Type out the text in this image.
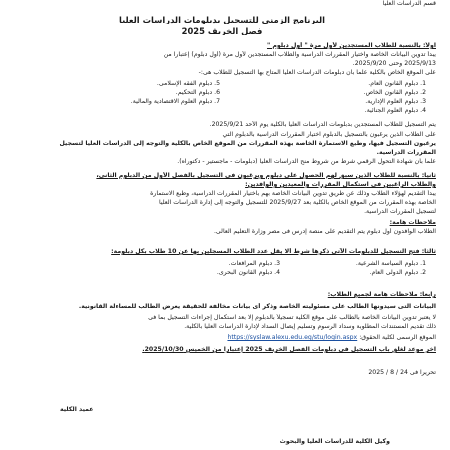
قسم الدراسات العليا
البرنامج الزمنى للتسجيل بدبلومات الدراسات العليا
فصل الخريف 2025
اولاً: بالنسبة للطلاب المستجدين لأول مرة " أول دبلوم "
يبدأ تدوين البيانات الخاصة واختيار المقررات الدراسية والطلاب المستجدين لأول مرة (أول دبلوم) إعتباراً من
2025/9/13 وحتى 2025/9/20.
على الموقع الخاص بالكلية علماً بأن دبلومات الدراسات العليا المتاح بها التسجيل للطلاب هى:-
1. دبلوم القانون العام.
2. دبلوم القانون الخاص.
3. دبلوم العلوم الإدارية.
4. دبلوم العلوم الجنائية.
5. دبلوم الفقه الإسلامى.
6. دبلوم التحكيم.
7. دبلوم العلوم الاقتصادية والمالية.
يتم التسجيل للطلاب المستجدين بدبلومات الدراسات العليا بالكلية يوم الأحد 2025/9/21.
على الطلاب الذين يرغبون بالتسجيل بالدبلوم اختيار المقررات الدراسية بالدبلوم التي
يرغبون التسجيل فيها، وطبع الاستمارة الخاصة بهذه المقررات من الموقع الخاص بالكلية والتوجه إلى الدراسات العليا لتسجيل
المقررات الدراسية.
علماً بأن شهادة التحول الرقمي شرط من شروط منح الدراسات العليا (دبلومات - ماجستير - دكتوراه).
ثانياً: بالنسبة للطلاب الذين سبق لهم الحصول على دبلوم ويرغبون فى التسجيل بالفصل الأول من الدبلوم الثانى،
والطلاب الراغبين فى استكمال المقررات والمعيدين والوافدين:
يبدأ التقديم لهؤلاء الطلاب وذلك عن طريق تدوين البيانات الخاصة بهم باختيار المقررات الدراسية، وطبع الاستمارة
الخاصة بهذه المقررات من الموقع الخاص بالكلية بعد 2025/9/27 للتسجيل والتوجه إلى إدارة الدراسات العليا
لتسجيل المقررات الدراسية.
ملاحظات هامة:
الطلاب الوافدون أول دبلوم يتم التقديم على منصة إدرس فى مصر وزارة التعليم العالى.
ثالثاً: فتح التسجيل للدبلومات الآتى ذكرها شرط ألا يقل عدد الطلاب المسجلين بها عن 10 طلاب بكل دبلومة:
1. دبلوم السياسة الشرعية.
2. دبلوم الدولى العام.
3. دبلوم المرافعات.
4. دبلوم القانون البحرى.
رابعاً: ملاحظات هامة لجميع الطلاب:
البيانات التى سيدونها الطالب على مسئوليته الخاصة وذكر أى بيانات مخالفة للحقيقة يعرض الطالب للمساءلة القانونية.
لا يعتبر تدوين البيانات الخاصة بالطالب على موقع الكلية تسجيلاً بالدبلوم إلا بعد استكمال إجراءات التسجيل بما فى
ذلك تقديم المستندات المطلوبة وسداد الرسوم وتسليم إيصال السداد لإدارة الدراسات العليا بالكلية.
الموقع الرسمى لكلية الحقوق: https://syslaw.alexu.edu.eg/stu/login.aspx
آخر موعد لغلق باب التسجيل فى دبلومات الفصل الخريف 2025 إعتباراً من الخميس 2025/10/30.
تحريراً فى 24 / 8 / 2025
عميد الكلية
وكيل الكلية للدراسات العليا والبحوث
